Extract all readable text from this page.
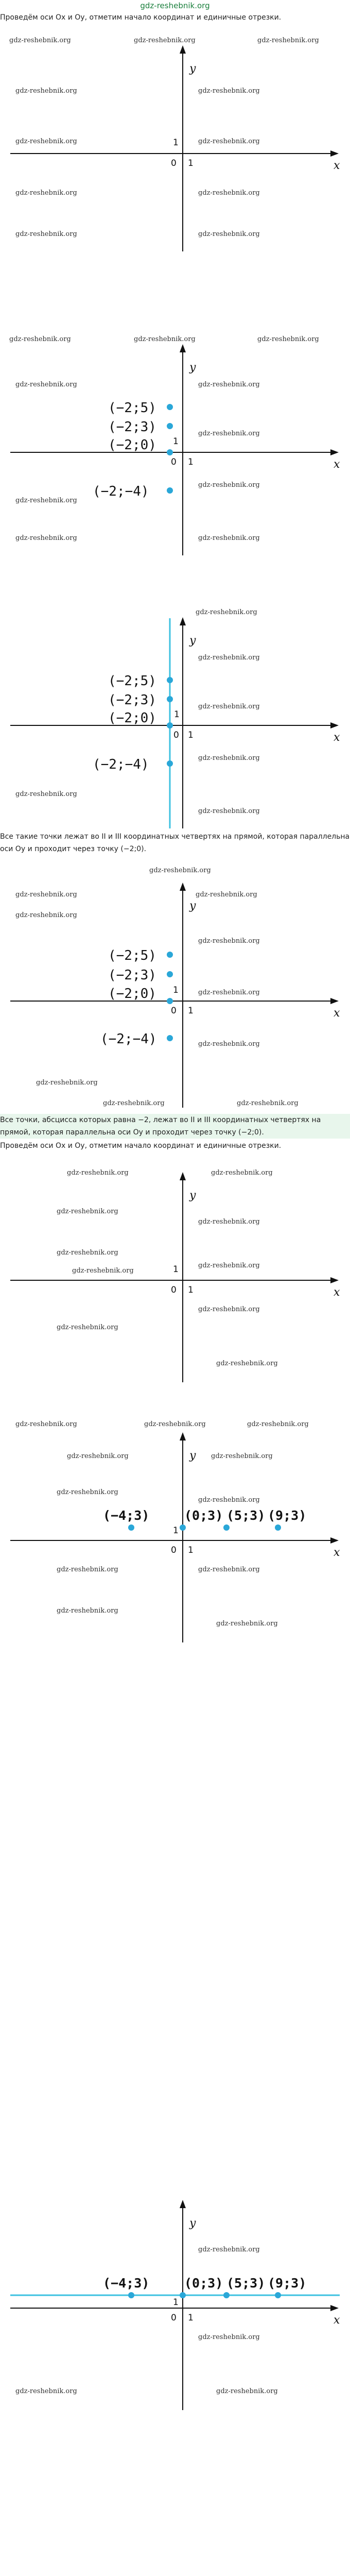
gdz-reshebnik.org
Проведём оси Ox и Oy, отметим начало координат и единичные отрезки.
gdz-reshebnik.org	gdz-reshebnik.org	gdz-reshebnik.org
gdz-reshebnik.org	gdz-reshebnik.org
gdz-reshebnik.org	gdz-reshebnik.org
gdz-reshebnik.org	gdz-reshebnik.org
gdz-reshebnik.org	gdz-reshebnik.org
x
y
0 1
1
gdz-reshebnik.org	gdz-reshebnik.org	gdz-reshebnik.org
gdz-reshebnik.org	gdz-reshebnik.org
gdz-reshebnik.org
gdz-reshebnik.org
gdz-reshebnik.org
gdz-reshebnik.org	gdz-reshebnik.org
x
y
0 1
1
(−2;5)
(−2;3)
(−2;0)
(−2;−4)
gdz-reshebnik.org
gdz-reshebnik.org
gdz-reshebnik.org
gdz-reshebnik.org
gdz-reshebnik.org
gdz-reshebnik.org
x
y
0 1
1
(−2;5)
(−2;3)
(−2;0)
(−2;−4)
Все такие точки лежат во II и III координатных четвертях на прямой, которая параллельна оси Oy и проходит через точку (−2;0).
gdz-reshebnik.org
gdz-reshebnik.org	gdz-reshebnik.org
gdz-reshebnik.org
gdz-reshebnik.org
gdz-reshebnik.org
gdz-reshebnik.org
gdz-reshebnik.org
gdz-reshebnik.org	gdz-reshebnik.org
x
y
0 1
1
(−2;5)
(−2;3)
(−2;0)
(−2;−4)
Все точки, абсцисса которых равна −2, лежат во II и III координатных четвертях на прямой, которая параллельна оси Oy и проходит через точку (−2;0).
Проведём оси Ox и Oy, отметим начало координат и единичные отрезки.
gdz-reshebnik.org	gdz-reshebnik.org
gdz-reshebnik.org
gdz-reshebnik.org
gdz-reshebnik.org
gdz-reshebnik.org
gdz-reshebnik.org
gdz-reshebnik.org
gdz-reshebnik.org
gdz-reshebnik.org
x
y
0 1
1
gdz-reshebnik.org	gdz-reshebnik.org	gdz-reshebnik.org
gdz-reshebnik.org	gdz-reshebnik.org
gdz-reshebnik.org
gdz-reshebnik.org
gdz-reshebnik.org	gdz-reshebnik.org
gdz-reshebnik.org
gdz-reshebnik.org
x
y
0 1
1
(−4;3)	(0;3) (5;3) (9;3)
gdz-reshebnik.org
gdz-reshebnik.org
gdz-reshebnik.org	gdz-reshebnik.org
x
y
0 1
1
(−4;3)	(0;3) (5;3) (9;3)
